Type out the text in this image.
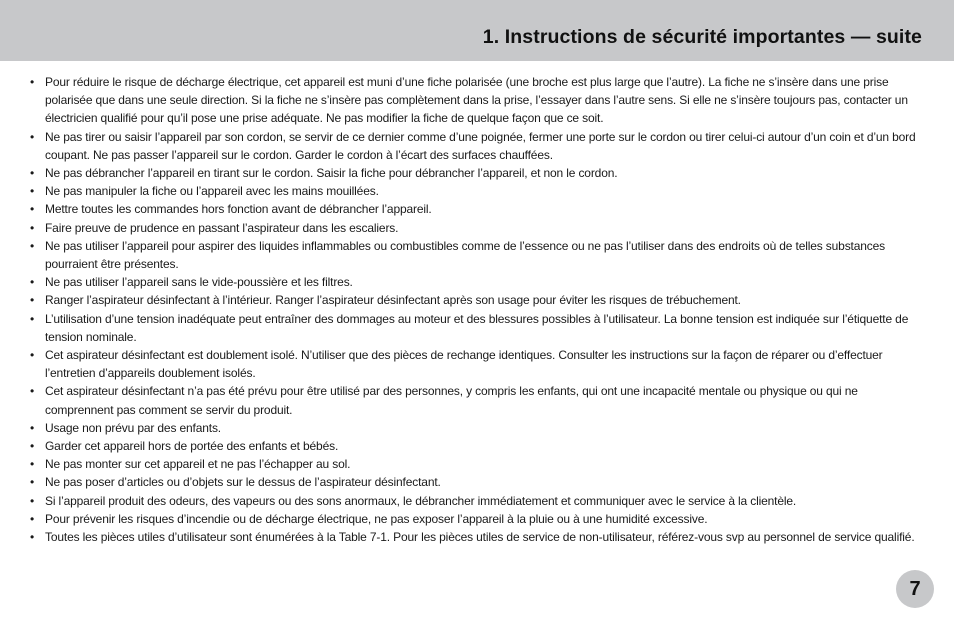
1. Instructions de sécurité importantes — suite
• Pour réduire le risque de décharge électrique, cet appareil est muni d’une fiche polarisée (une broche est plus large que l’autre). La fiche ne s’insère dans une prise polarisée que dans une seule direction. Si la fiche ne s’insère pas complètement dans la prise, l’essayer dans l’autre sens. Si elle ne s’insère toujours pas, contacter un électricien qualifié pour qu’il pose une prise adéquate. Ne pas modifier la fiche de quelque façon que ce soit.
• Ne pas tirer ou saisir l’appareil par son cordon, se servir de ce dernier comme d’une poignée, fermer une porte sur le cordon ou tirer celui-ci autour d’un coin et d’un bord coupant. Ne pas passer l’appareil sur le cordon. Garder le cordon à l’écart des surfaces chauffées.
• Ne pas débrancher l’appareil en tirant sur le cordon. Saisir la fiche pour débrancher l’appareil, et non le cordon.
• Ne pas manipuler la fiche ou l’appareil avec les mains mouillées.
• Mettre toutes les commandes hors fonction avant de débrancher l’appareil.
• Faire preuve de prudence en passant l’aspirateur dans les escaliers.
• Ne pas utiliser l’appareil pour aspirer des liquides inflammables ou combustibles comme de l’essence ou ne pas l’utiliser dans des endroits où de telles substances pourraient être présentes.
• Ne pas utiliser l’appareil sans le vide-poussière et les filtres.
• Ranger l’aspirateur désinfectant à l’intérieur. Ranger l’aspirateur désinfectant après son usage pour éviter les risques de trébuchement.
• L’utilisation d’une tension inadéquate peut entraîner des dommages au moteur et des blessures possibles à l’utilisateur. La bonne tension est indiquée sur l’étiquette de tension nominale.
• Cet aspirateur désinfectant est doublement isolé. N’utiliser que des pièces de rechange identiques. Consulter les instructions sur la façon de réparer ou d’effectuer l’entretien d’appareils doublement isolés.
• Cet aspirateur désinfectant n’a pas été prévu pour être utilisé par des personnes, y compris les enfants, qui ont une incapacité mentale ou physique ou qui ne comprennent pas comment se servir du produit.
• Usage non prévu par des enfants.
• Garder cet appareil hors de portée des enfants et bébés.
• Ne pas monter sur cet appareil et ne pas l’échapper au sol.
• Ne pas poser d’articles ou d’objets sur le dessus de l’aspirateur désinfectant.
• Si l’appareil produit des odeurs, des vapeurs ou des sons anormaux, le débrancher immédiatement et communiquer avec le service à la clientèle.
• Pour prévenir les risques d’incendie ou de décharge électrique, ne pas exposer l’appareil à la pluie ou à une humidité excessive.
• Toutes les pièces utiles d’utilisateur sont énumérées à la Table 7-1. Pour les pièces utiles de service de non-utilisateur, référez-vous svp au personnel de service qualifié.
7
